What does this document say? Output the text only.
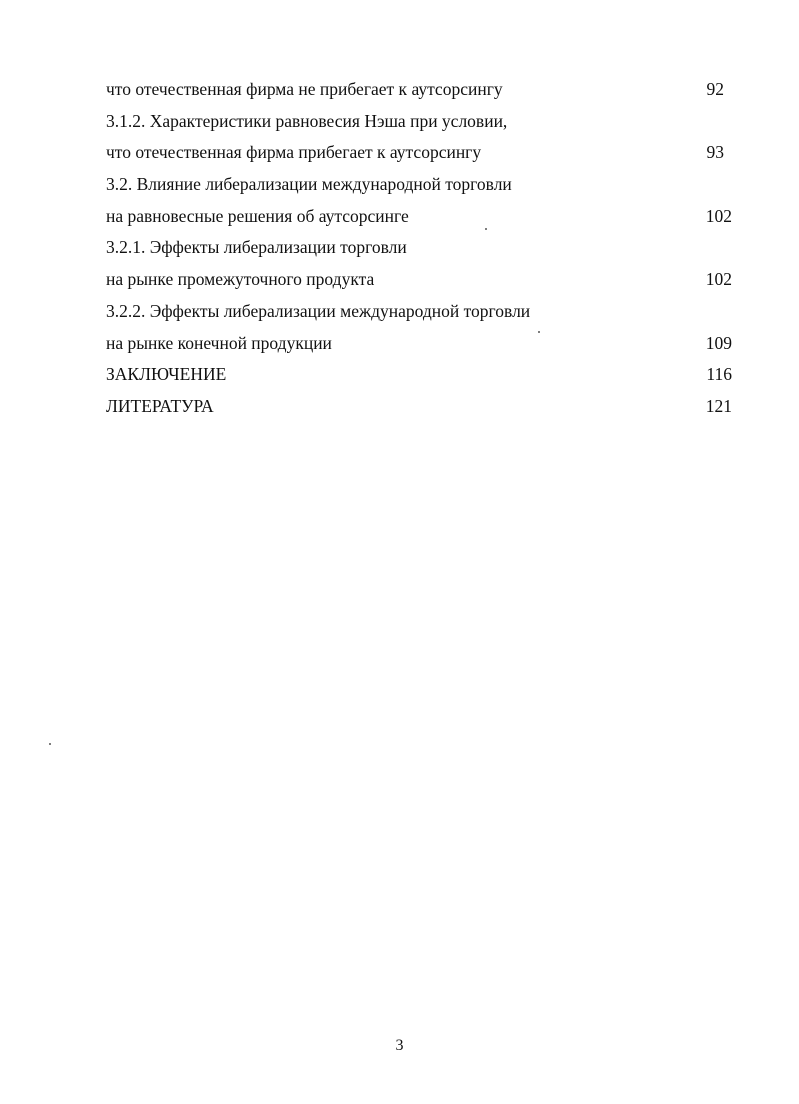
что отечественная фирма не прибегает к аутсорсингу	92
3.1.2. Характеристики равновесия Нэша при условии,
что отечественная фирма прибегает к аутсорсингу	93
3.2. Влияние либерализации международной торговли
на равновесные решения об аутсорсинге	102
3.2.1. Эффекты либерализации торговли
на рынке промежуточного продукта	102
3.2.2. Эффекты либерализации международной торговли
на рынке конечной продукции	109
ЗАКЛЮЧЕНИЕ	116
ЛИТЕРАТУРА	121
3
